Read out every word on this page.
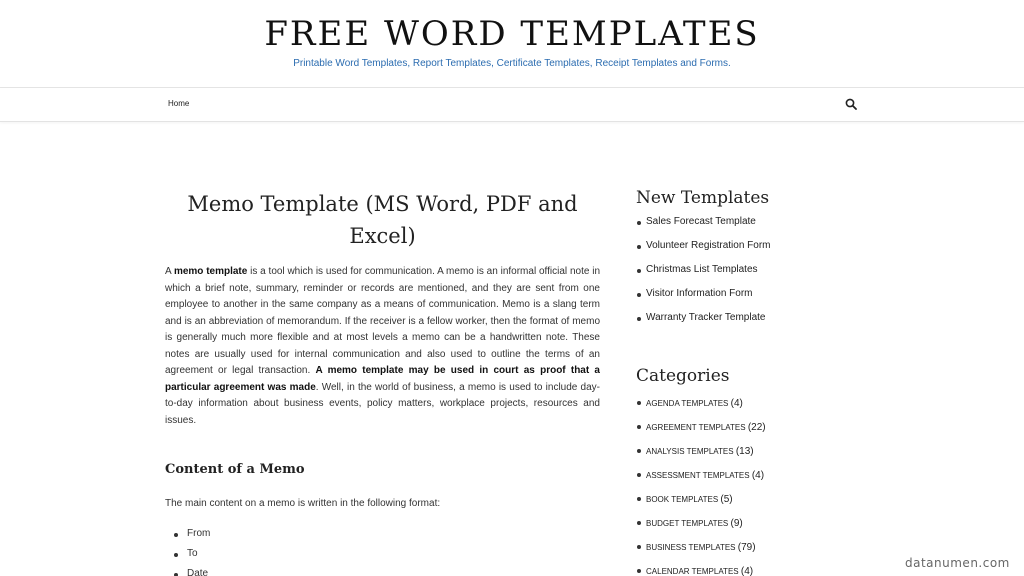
FREE WORD TEMPLATES
Printable Word Templates, Report Templates, Certificate Templates, Receipt Templates and Forms.
Home
Memo Template (MS Word, PDF and Excel)

A memo template is a tool which is used for communication. A memo is an informal official note in which a brief note, summary, reminder or records are mentioned, and they are sent from one employee to another in the same company as a means of communication. Memo is a slang term and is an abbreviation of memorandum. If the receiver is a fellow worker, then the format of memo is generally much more flexible and at most levels a memo can be a handwritten note. These notes are usually used for internal communication and also used to outline the terms of an agreement or legal transaction. A memo template may be used in court as proof that a particular agreement was made. Well, in the world of business, a memo is used to include day-to-day information about business events, policy matters, workplace projects, resources and issues.

Content of a Memo

The main content on a memo is written in the following format:

From
To
Date
New Templates
Sales Forecast Template
Volunteer Registration Form
Christmas List Templates
Visitor Information Form
Warranty Tracker Template
Categories
AGENDA TEMPLATES (4)
AGREEMENT TEMPLATES (22)
ANALYSIS TEMPLATES (13)
ASSESSMENT TEMPLATES (4)
BOOK TEMPLATES (5)
BUDGET TEMPLATES (9)
BUSINESS TEMPLATES (79)
CALENDAR TEMPLATES (4)
datanumen.com
